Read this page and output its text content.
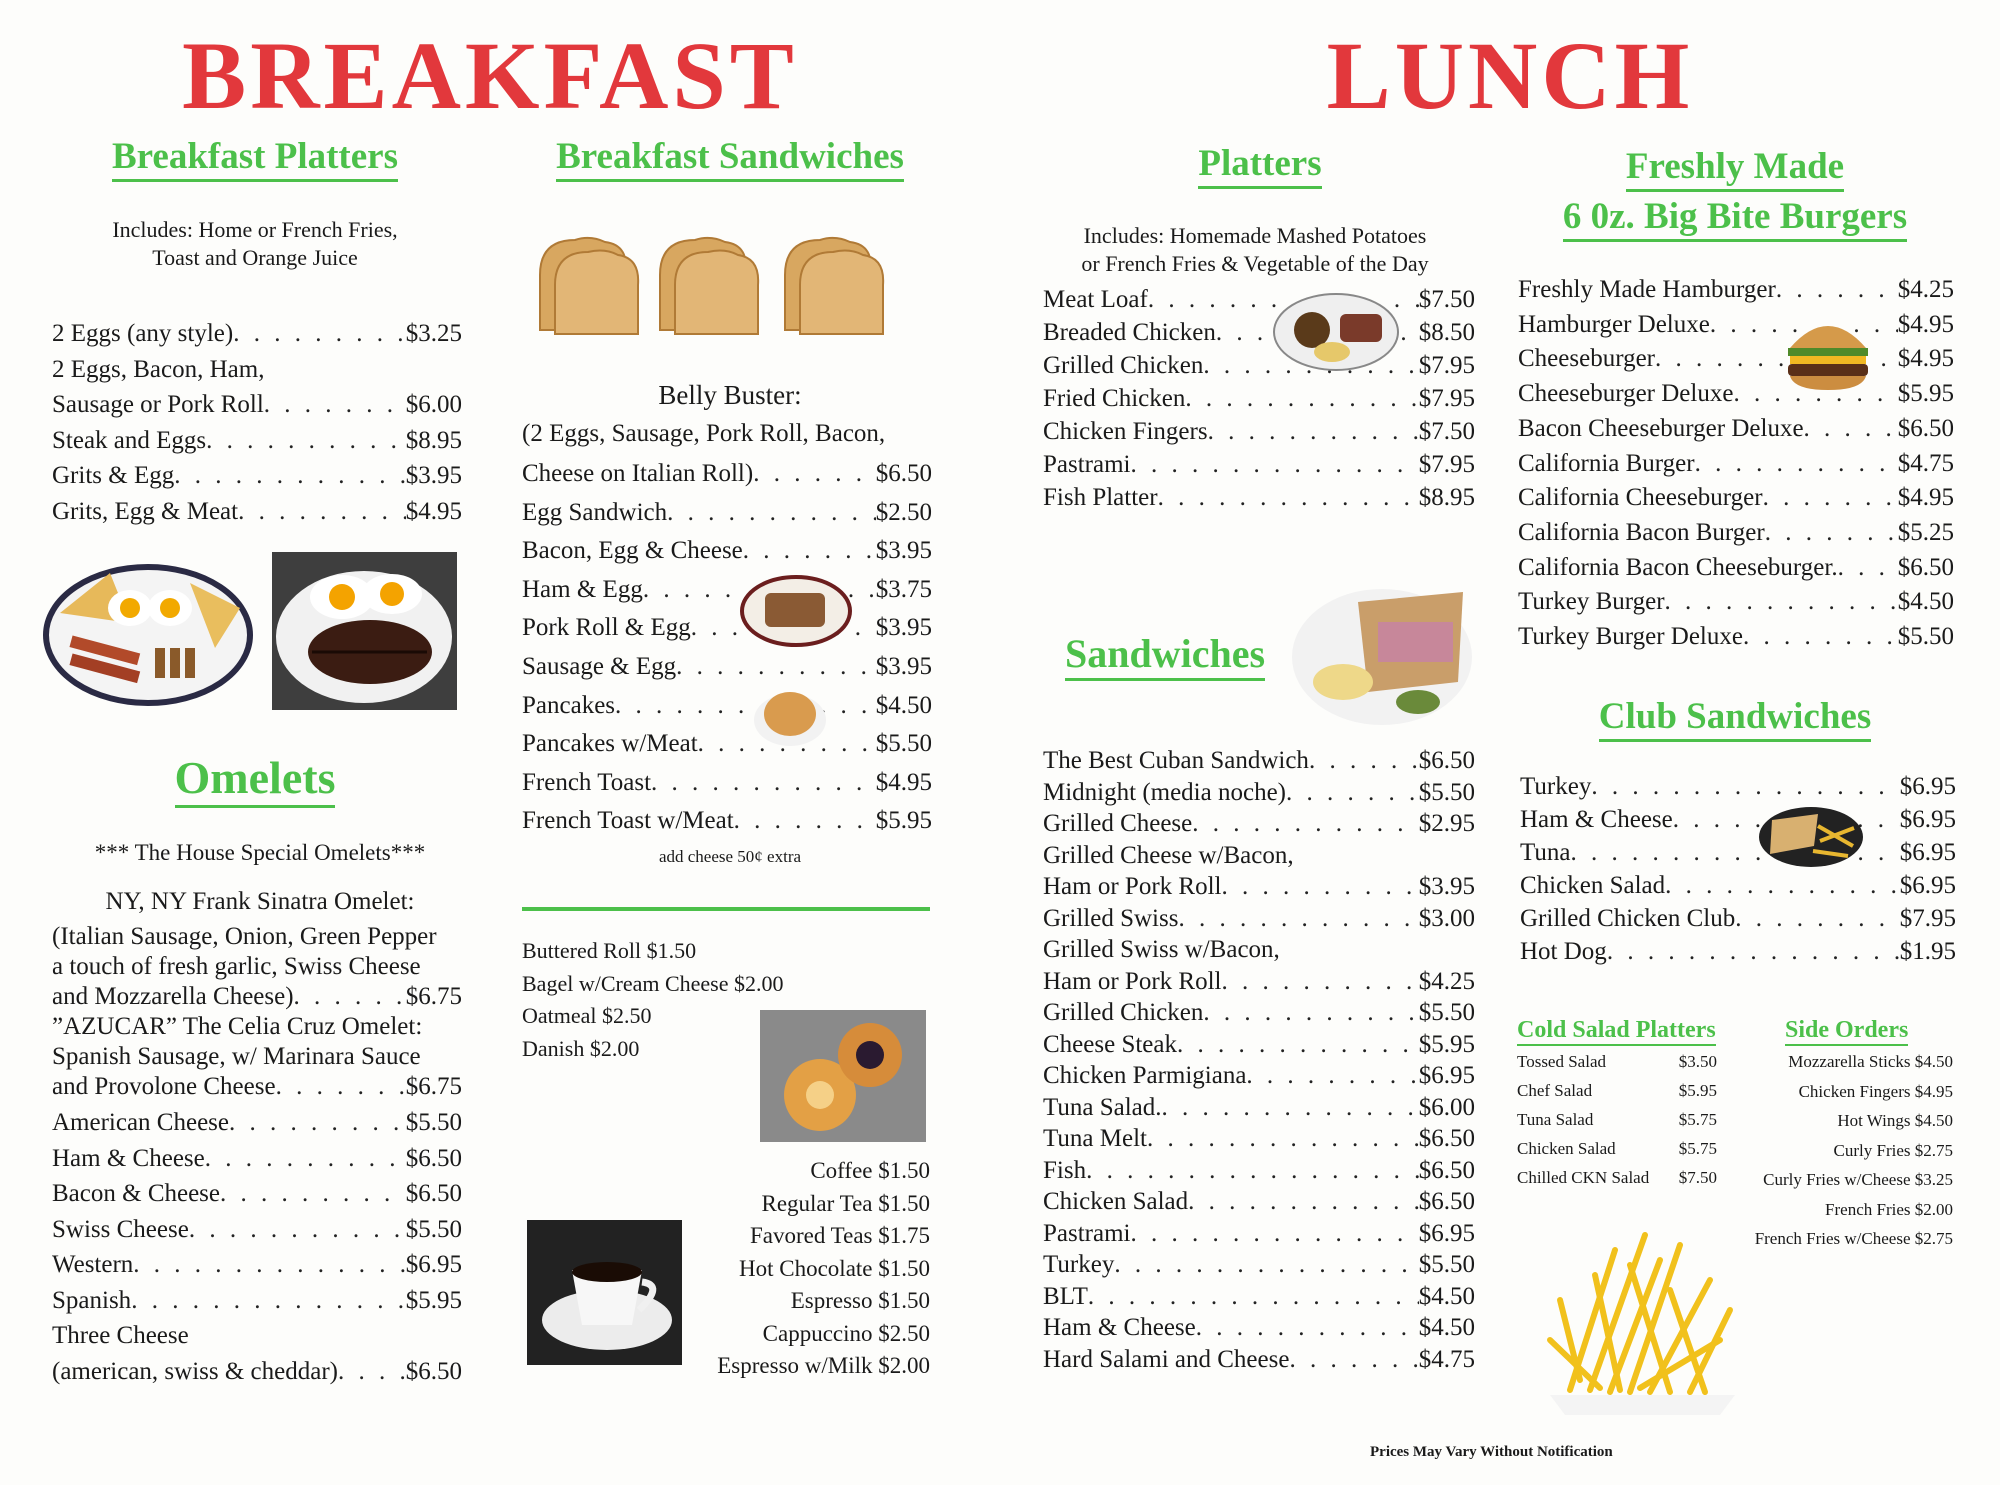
BREAKFAST
Breakfast Platters
Includes: Home or French Fries,
Toast and Orange Juice
2 Eggs (any style) . . .	$3.25
2 Eggs, Bacon, Ham,
Sausage or Pork Roll . . .	$6.00
Steak and Eggs . . .	$8.95
Grits & Egg . . .	$3.95
Grits, Egg & Meat . . .	$4.95
Omelets
*** The House Special Omelets***
NY, NY Frank Sinatra Omelet:
(Italian Sausage, Onion, Green Pepper
a touch of fresh garlic, Swiss Cheese
and Mozzarella Cheese) . . .	$6.75
”AZUCAR” The Celia Cruz Omelet:
Spanish Sausage, w/ Marinara Sauce
and Provolone Cheese . . .	$6.75
American Cheese . . .	$5.50
Ham & Cheese . . .	$6.50
Bacon & Cheese . . .	$6.50
Swiss Cheese . . .	$5.50
Western . . .	$6.95
Spanish . . .	$5.95
Three Cheese
(american, swiss & cheddar) . . .	$6.50
Breakfast Sandwiches
Belly Buster:
(2 Eggs, Sausage, Pork Roll, Bacon,
Cheese on Italian Roll) . . .	$6.50
Egg Sandwich . . .	$2.50
Bacon, Egg & Cheese . . .	$3.95
Ham & Egg . . .	$3.75
Pork Roll & Egg . . .	$3.95
Sausage & Egg . . .	$3.95
Pancakes . . .	$4.50
Pancakes w/Meat . . .	$5.50
French Toast . . .	$4.95
French Toast w/Meat . . .	$5.95
add cheese 50¢ extra
Buttered Roll $1.50
Bagel w/Cream Cheese $2.00
Oatmeal $2.50
Danish $2.00
Coffee $1.50
Regular Tea $1.50
Favored Teas $1.75
Hot Chocolate $1.50
Espresso $1.50
Cappuccino $2.50
Espresso w/Milk $2.00
LUNCH
Platters
Includes: Homemade Mashed Potatoes
or French Fries & Vegetable of the Day
Meat Loaf . . .	$7.50
Breaded Chicken . . .	$8.50
Grilled Chicken . . .	$7.95
Fried Chicken . . .	$7.95
Chicken Fingers . . .	$7.50
Pastrami . . .	$7.95
Fish Platter . . .	$8.95
Sandwiches
The Best Cuban Sandwich . . .	$6.50
Midnight (media noche) . . .	$5.50
Grilled Cheese . . .	$2.95
Grilled Cheese w/Bacon,
Ham or Pork Roll . . .	$3.95
Grilled Swiss . . .	$3.00
Grilled Swiss w/Bacon,
Ham or Pork Roll . . .	$4.25
Grilled Chicken . . .	$5.50
Cheese Steak . . .	$5.95
Chicken Parmigiana . . .	$6.95
Tuna Salad. . . .	$6.00
Tuna Melt . . .	$6.50
Fish . . .	$6.50
Chicken Salad . . .	$6.50
Pastrami . . .	$6.95
Turkey . . .	$5.50
BLT . . .	$4.50
Ham & Cheese . . .	$4.50
Hard Salami and Cheese . . .	$4.75
Freshly Made
6 0z. Big Bite Burgers
Freshly Made Hamburger . . .	$4.25
Hamburger Deluxe . . .	$4.95
Cheeseburger . . .	$4.95
Cheeseburger Deluxe . . .	$5.95
Bacon Cheeseburger Deluxe . . .	$6.50
California Burger . . .	$4.75
California Cheeseburger . . .	$4.95
California Bacon Burger . . .	$5.25
California Bacon Cheeseburger. . . . $6.50
Turkey Burger . . .	$4.50
Turkey Burger Deluxe . . .	$5.50
Club Sandwiches
Turkey . . .	$6.95
Ham & Cheese . . .	$6.95
Tuna . . .	$6.95
Chicken Salad . . .	$6.95
Grilled Chicken Club . . .	$7.95
Hot Dog . . .	$1.95
Cold Salad Platters
Tossed Salad	$3.50
Chef Salad	$5.95
Tuna Salad	$5.75
Chicken Salad	$5.75
Chilled CKN Salad $7.50
Side Orders
Mozzarella Sticks $4.50
Chicken Fingers $4.95
Hot Wings $4.50
Curly Fries $2.75
Curly Fries w/Cheese $3.25
French Fries $2.00
French Fries w/Cheese $2.75
Prices May Vary Without Notification
